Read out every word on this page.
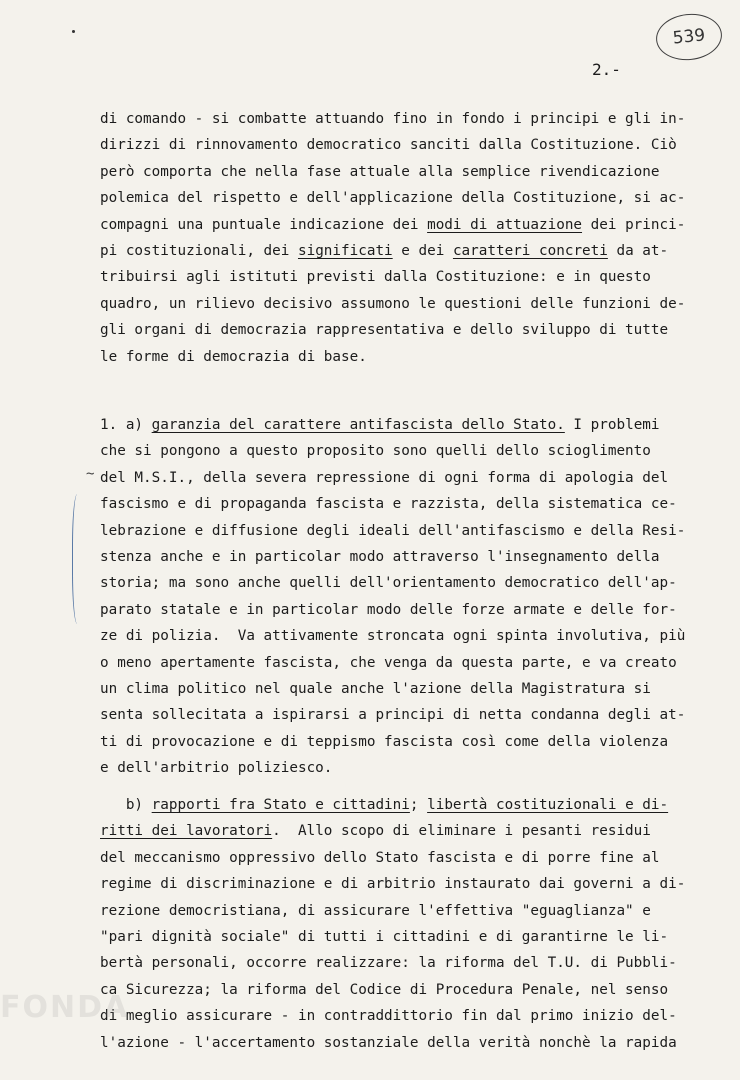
539
2.-
di comando - si combatte attuando fino in fondo i principi e gli in-
dirizzi di rinnovamento democratico sanciti dalla Costituzione. Ciò
però comporta che nella fase attuale alla semplice rivendicazione
polemica del rispetto e dell'applicazione della Costituzione, si ac-
compagni una puntuale indicazione dei modi di attuazione dei princi-
pi costituzionali, dei significati e dei caratteri concreti da at-
tribuirsi agli istituti previsti dalla Costituzione: e in questo
quadro, un rilievo decisivo assumono le questioni delle funzioni de-
gli organi di democrazia rappresentativa e dello sviluppo di tutte
le forme di democrazia di base.
~
1. a) garanzia del carattere antifascista dello Stato. I problemi
che si pongono a questo proposito sono quelli dello scioglimento
del M.S.I., della severa repressione di ogni forma di apologia del
fascismo e di propaganda fascista e razzista, della sistematica ce-
lebrazione e diffusione degli ideali dell'antifascismo e della Resi-
stenza anche e in particolar modo attraverso l'insegnamento della
storia; ma sono anche quelli dell'orientamento democratico dell'ap-
parato statale e in particolar modo delle forze armate e delle for-
ze di polizia.  Va attivamente stroncata ogni spinta involutiva, più
o meno apertamente fascista, che venga da questa parte, e va creato
un clima politico nel quale anche l'azione della Magistratura si
senta sollecitata a ispirarsi a principi di netta condanna degli at-
ti di provocazione e di teppismo fascista così come della violenza
e dell'arbitrio poliziesco.
b) rapporti fra Stato e cittadini; libertà costituzionali e di-
ritti dei lavoratori.  Allo scopo di eliminare i pesanti residui
del meccanismo oppressivo dello Stato fascista e di porre fine al
regime di discriminazione e di arbitrio instaurato dai governi a di-
rezione democristiana, di assicurare l'effettiva "eguaglianza" e
"pari dignità sociale" di tutti i cittadini e di garantirne le li-
bertà personali, occorre realizzare: la riforma del T.U. di Pubbli-
ca Sicurezza; la riforma del Codice di Procedura Penale, nel senso
di meglio assicurare - in contraddittorio fin dal primo inizio del-
l'azione - l'accertamento sostanziale della verità nonchè la rapida
FONDA
